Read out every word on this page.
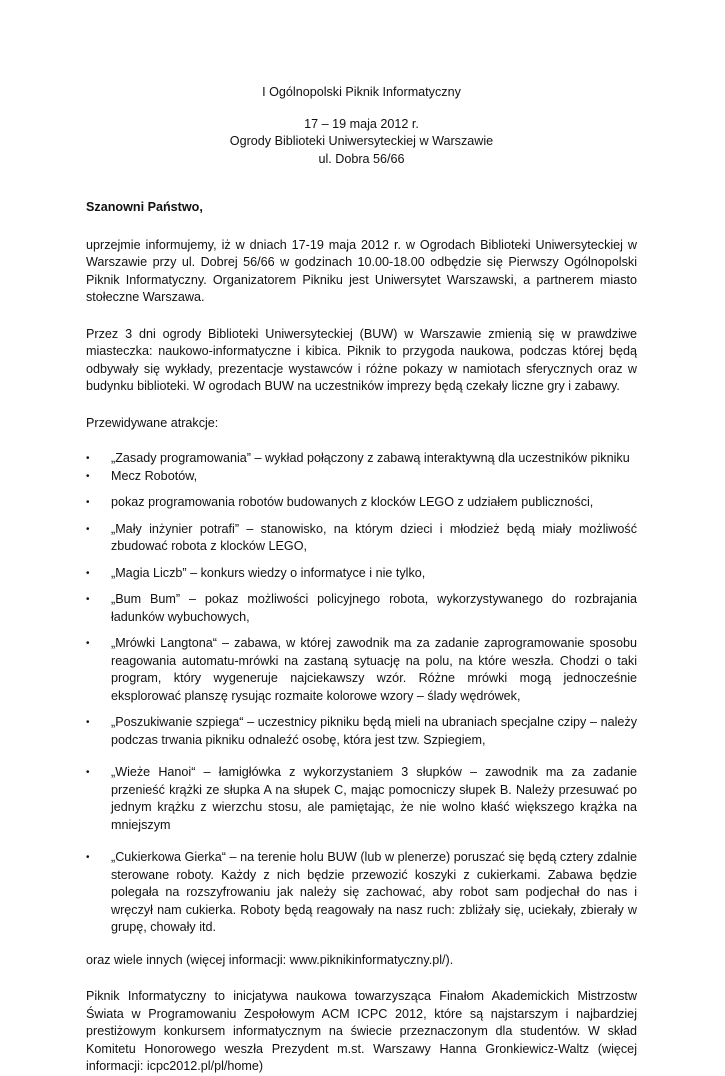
I Ogólnopolski Piknik Informatyczny

17 – 19 maja 2012 r.

Ogrody Biblioteki Uniwersyteckiej w Warszawie

ul. Dobra 56/66

Szanowni Państwo,

uprzejmie informujemy, iż w dniach 17-19 maja 2012 r. w Ogrodach Biblioteki Uniwersyteckiej w Warszawie przy ul. Dobrej 56/66 w godzinach 10.00-18.00 odbędzie się Pierwszy Ogólnopolski Piknik Informatyczny. Organizatorem Pikniku jest Uniwersytet Warszawski, a partnerem miasto stołeczne Warszawa.

Przez 3 dni ogrody Biblioteki Uniwersyteckiej (BUW) w Warszawie zmienią się w prawdziwe miasteczka: naukowo-informatyczne i kibica. Piknik to przygoda naukowa, podczas której będą odbywały się wykłady, prezentacje wystawców i różne pokazy w namiotach sferycznych oraz w budynku biblioteki. W ogrodach BUW na uczestników imprezy będą czekały liczne gry i zabawy.

Przewidywane atrakcje:

•	„Zasady programowania” – wykład połączony z zabawą interaktywną dla uczestników pikniku
•	Mecz Robotów,
•	pokaz programowania robotów budowanych z klocków LEGO z udziałem publiczności,
•	„Mały inżynier potrafi” – stanowisko, na którym dzieci i młodzież będą miały możliwość zbudować robota z klocków LEGO,
•	„Magia Liczb” – konkurs wiedzy o informatyce i nie tylko,
•	„Bum Bum” – pokaz możliwości policyjnego robota, wykorzystywanego do rozbrajania ładunków wybuchowych,
•	„Mrówki Langtona“ – zabawa, w której zawodnik ma za zadanie zaprogramowanie sposobu reagowania automatu-mrówki na zastaną sytuację na polu, na które weszła. Chodzi o taki program, który wygeneruje najciekawszy wzór. Różne mrówki mogą jednocześnie eksplorować planszę rysując rozmaite kolorowe wzory – ślady wędrówek,
•	„Poszukiwanie szpiega“ – uczestnicy pikniku będą mieli na ubraniach specjalne czipy – należy podczas trwania pikniku odnaleźć osobę, która jest tzw. Szpiegiem,
•	„Wieże Hanoi“ – łamigłówka z wykorzystaniem 3 słupków – zawodnik ma za zadanie przenieść krążki ze słupka A na słupek C, mając pomocniczy słupek B. Należy przesuwać po jednym krążku z wierzchu stosu, ale pamiętając, że nie wolno kłaść większego krążka na mniejszym
•	„Cukierkowa Gierka“ – na terenie holu BUW (lub w plenerze) poruszać się będą cztery zdalnie sterowane roboty. Każdy z nich będzie przewozić koszyki z cukierkami. Zabawa będzie polegała na rozszyfrowaniu jak należy się zachować, aby robot sam podjechał do nas i wręczył nam cukierka. Roboty będą reagowały na nasz ruch: zbliżały się, uciekały, zbierały w grupę, chowały itd.

oraz wiele innych (więcej informacji: www.piknikinformatyczny.pl/).

Piknik Informatyczny to inicjatywa naukowa towarzysząca Finałom Akademickich Mistrzostw Świata w Programowaniu Zespołowym ACM ICPC 2012, które są najstarszym i najbardziej prestiżowym konkursem informatycznym na świecie przeznaczonym dla studentów. W skład Komitetu Honorowego weszła Prezydent m.st. Warszawy Hanna Gronkiewicz-Waltz (więcej informacji: icpc2012.pl/pl/home)
